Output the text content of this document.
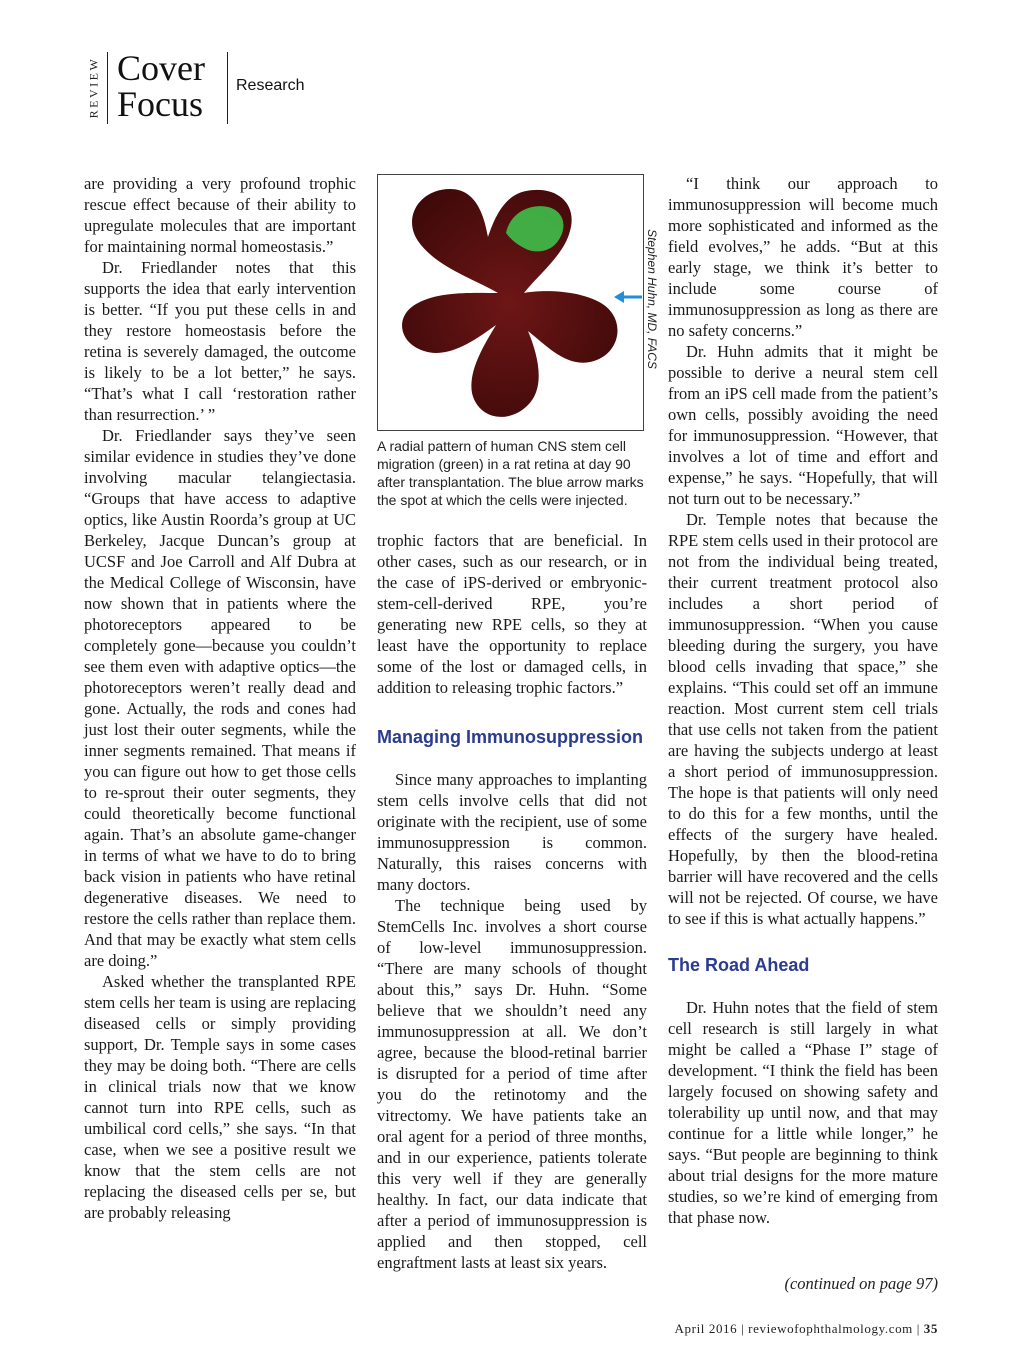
REVIEW Cover
Focus Research

are providing a very profound trophic rescue effect because of their ability to upregulate molecules that are important for maintaining normal homeostasis.”

Dr. Friedlander notes that this supports the idea that early intervention is better. “If you put these cells in and they restore homeostasis before the retina is severely damaged, the outcome is likely to be a lot better,” he says. “That’s what I call ‘restoration rather than resurrection.’ ”

Dr. Friedlander says they’ve seen similar evidence in studies they’ve done involving macular telangiectasia. “Groups that have access to adaptive optics, like Austin Roorda’s group at UC Berkeley, Jacque Duncan’s group at UCSF and Joe Carroll and Alf Dubra at the Medical College of Wisconsin, have now shown that in patients where the photoreceptors appeared to be completely gone—because you couldn’t see them even with adaptive optics—the photoreceptors weren’t really dead and gone. Actually, the rods and cones had just lost their outer segments, while the inner segments remained. That means if you can figure out how to get those cells to re-sprout their outer segments, they could theoretically become functional again. That’s an absolute game-changer in terms of what we have to do to bring back vision in patients who have retinal degenerative diseases. We need to restore the cells rather than replace them. And that may be exactly what stem cells are doing.”

Asked whether the transplanted RPE stem cells her team is using are replacing diseased cells or simply providing support, Dr. Temple says in some cases they may be doing both. “There are cells in clinical trials now that we know cannot turn into RPE cells, such as umbilical cord cells,” she says. “In that case, when we see a positive result we know that the stem cells are not replacing the diseased cells per se, but are probably releasing

Stephen Huhn, MD, FACS
A radial pattern of human CNS stem cell migration (green) in a rat retina at day 90 after transplantation. The blue arrow marks the spot at which the cells were injected.

trophic factors that are beneficial. In other cases, such as our research, or in the case of iPS-derived or embryonic-stem-cell-derived RPE, you’re generating new RPE cells, so they at least have the opportunity to replace some of the lost or damaged cells, in addition to releasing trophic factors.”

Managing Immunosuppression

Since many approaches to implanting stem cells involve cells that did not originate with the recipient, use of some immunosuppression is common. Naturally, this raises concerns with many doctors.

The technique being used by StemCells Inc. involves a short course of low-level immunosuppression. “There are many schools of thought about this,” says Dr. Huhn. “Some believe that we shouldn’t need any immunosuppression at all. We don’t agree, because the blood-retinal barrier is disrupted for a period of time after you do the retinotomy and the vitrectomy. We have patients take an oral agent for a period of three months, and in our experience, patients tolerate this very well if they are generally healthy. In fact, our data indicate that after a period of immunosuppression is applied and then stopped, cell engraftment lasts at least six years.

“I think our approach to immunosuppression will become much more sophisticated and informed as the field evolves,” he adds. “But at this early stage, we think it’s better to include some course of immunosuppression as long as there are no safety concerns.”

Dr. Huhn admits that it might be possible to derive a neural stem cell from an iPS cell made from the patient’s own cells, possibly avoiding the need for immunosuppression. “However, that involves a lot of time and effort and expense,” he says. “Hopefully, that will not turn out to be necessary.”

Dr. Temple notes that because the RPE stem cells used in their protocol are not from the individual being treated, their current treatment protocol also includes a short period of immunosuppression. “When you cause bleeding during the surgery, you have blood cells invading that space,” she explains. “This could set off an immune reaction. Most current stem cell trials that use cells not taken from the patient are having the subjects undergo at least a short period of immunosuppression. The hope is that patients will only need to do this for a few months, until the effects of the surgery have healed. Hopefully, by then the blood-retina barrier will have recovered and the cells will not be rejected. Of course, we have to see if this is what actually happens.”

The Road Ahead

Dr. Huhn notes that the field of stem cell research is still largely in what might be called a “Phase I” stage of development. “I think the field has been largely focused on showing safety and tolerability up until now, and that may continue for a little while longer,” he says. “But people are beginning to think about trial designs for the more mature studies, so we’re kind of emerging from that phase now.

(continued on page 97)
April 2016 | reviewofophthalmology.com | 35
